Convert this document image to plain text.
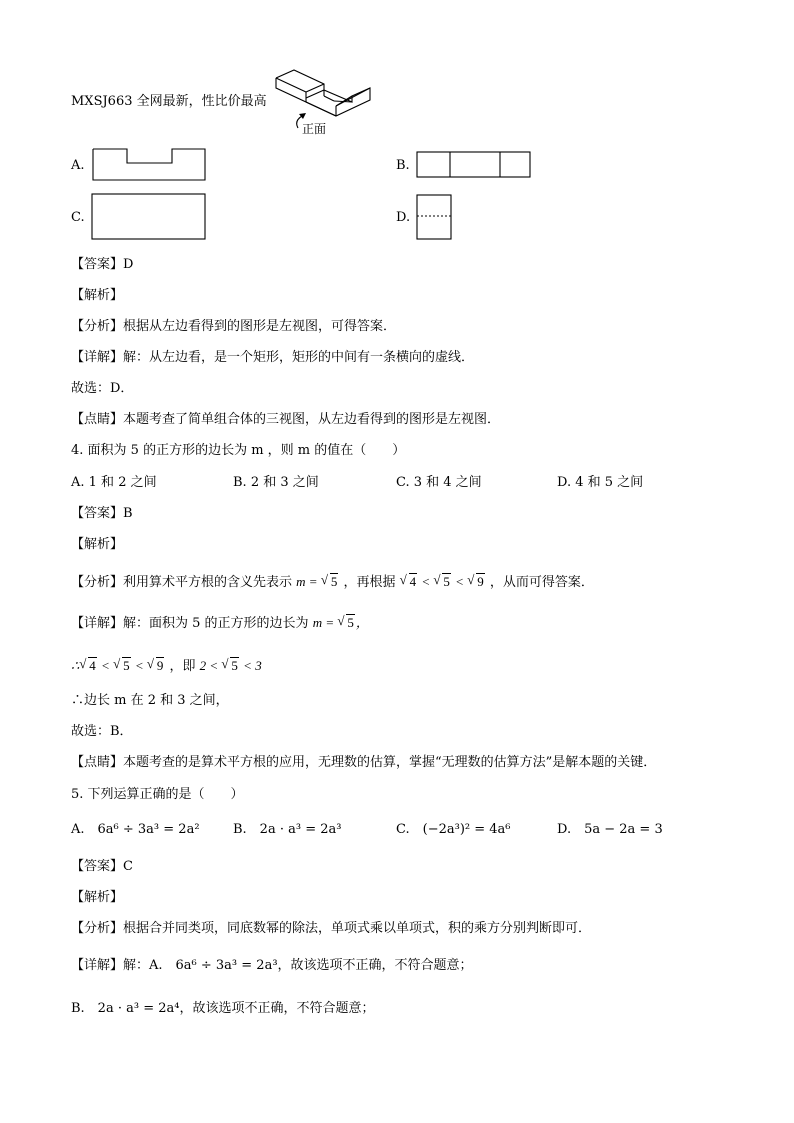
MXSJ663 全网最新，性比价最高
正面
A.	B.
C.	D.
【答案】D
【解析】
【分析】根据从左边看得到的图形是左视图，可得答案．
【详解】解：从左边看，是一个矩形，矩形的中间有一条横向的虚线．
故选：D．
【点睛】本题考查了简单组合体的三视图，从左边看得到的图形是左视图．
4. 面积为 5 的正方形的边长为 m ，则 m 的值在（　　）
A. 1 和 2 之间	B. 2 和 3 之间	C. 3 和 4 之间	D. 4 和 5 之间
【答案】B
【解析】
【分析】利用算术平方根的含义先表示 m = √ 5 ，再根据 √ 4 < √ 5 < √ 9 ，从而可得答案．
【详解】解：面积为 5 的正方形的边长为 m = √ 5 ，
∴ √ 4 < √ 5 < √ 9 ，即 2 < √ 5 < 3
∴边长 m 在 2 和 3 之间，
故选：B．
【点睛】本题考查的是算术平方根的应用，无理数的估算，掌握“无理数的估算方法”是解本题的关键．
5. 下列运算正确的是（　　）
A.　6a⁶ ÷ 3a³ = 2a²	B.　2a · a³ = 2a³	C.　(−2a³)² = 4a⁶	D.　5a − 2a = 3
【答案】C
【解析】
【分析】根据合并同类项，同底数幂的除法，单项式乘以单项式，积的乘方分别判断即可．
【详解】解：A.　6a⁶ ÷ 3a³ = 2a³，故该选项不正确，不符合题意；
B.　2a · a³ = 2a⁴，故该选项不正确，不符合题意；
